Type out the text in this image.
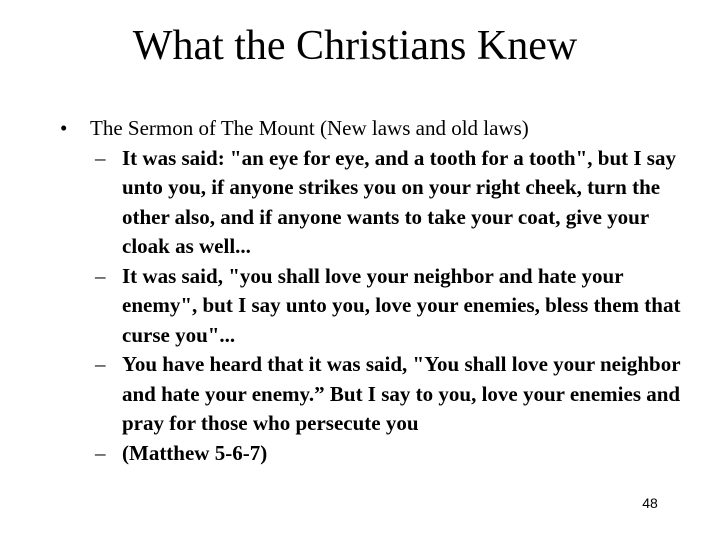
What the Christians Knew
•	The Sermon of The Mount (New laws and old laws)
– It was said: "an eye for eye, and a tooth for a tooth", but I say unto you, if anyone strikes you on your right cheek, turn the other also, and if anyone wants to take your coat, give your cloak as well...
– It was said, "you shall love your neighbor and hate your enemy", but I say unto you, love your enemies, bless them that curse you"...
– You have heard that it was said, "You shall love your neighbor and hate your enemy.” But I say to you, love your enemies and pray for those who persecute you
– (Matthew 5-6-7)
48
